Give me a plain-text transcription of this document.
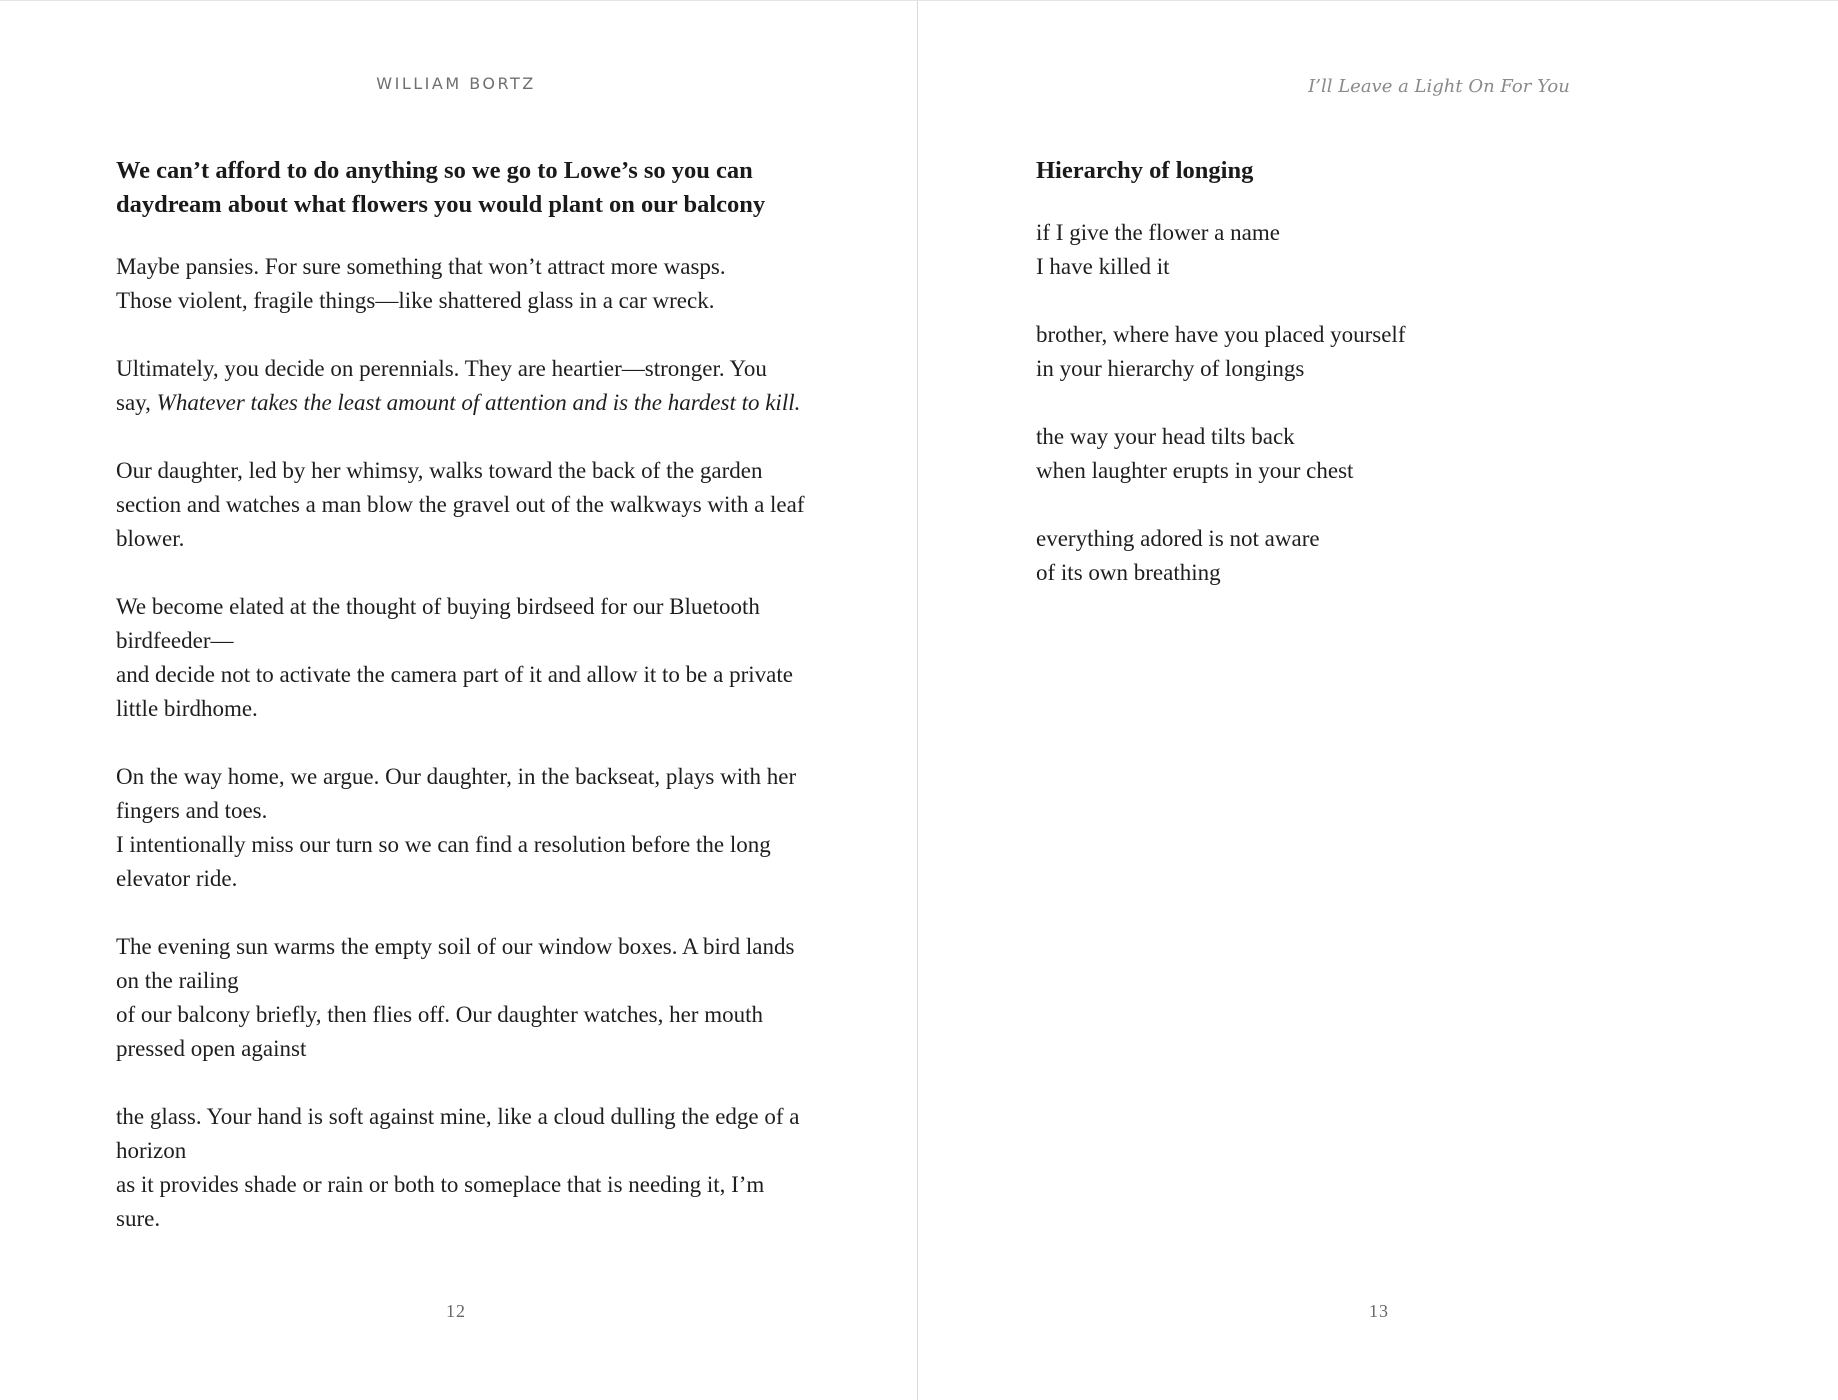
WILLIAM BORTZ
We can’t afford to do anything so we go to Lowe’s so you can daydream about what flowers you would plant on our balcony

Maybe pansies. For sure something that won’t attract more wasps.
Those violent, fragile things—like shattered glass in a car wreck.

Ultimately, you decide on perennials. They are heartier—stronger. You say, Whatever takes the least amount of attention and is the hardest to kill.

Our daughter, led by her whimsy, walks toward the back of the garden section and watches a man blow the gravel out of the walkways with a leaf blower.

We become elated at the thought of buying birdseed for our Bluetooth birdfeeder—
and decide not to activate the camera part of it and allow it to be a private little birdhome.

On the way home, we argue. Our daughter, in the backseat, plays with her fingers and toes.
I intentionally miss our turn so we can find a resolution before the long elevator ride.

The evening sun warms the empty soil of our window boxes. A bird lands on the railing
of our balcony briefly, then flies off. Our daughter watches, her mouth pressed open against

the glass. Your hand is soft against mine, like a cloud dulling the edge of a horizon
as it provides shade or rain or both to someplace that is needing it, I’m sure.

12
I’ll Leave a Light On For You
Hierarchy of longing

if I give the flower a name
I have killed it

brother, where have you placed yourself
in your hierarchy of longings

the way your head tilts back
when laughter erupts in your chest

everything adored is not aware
of its own breathing

13
